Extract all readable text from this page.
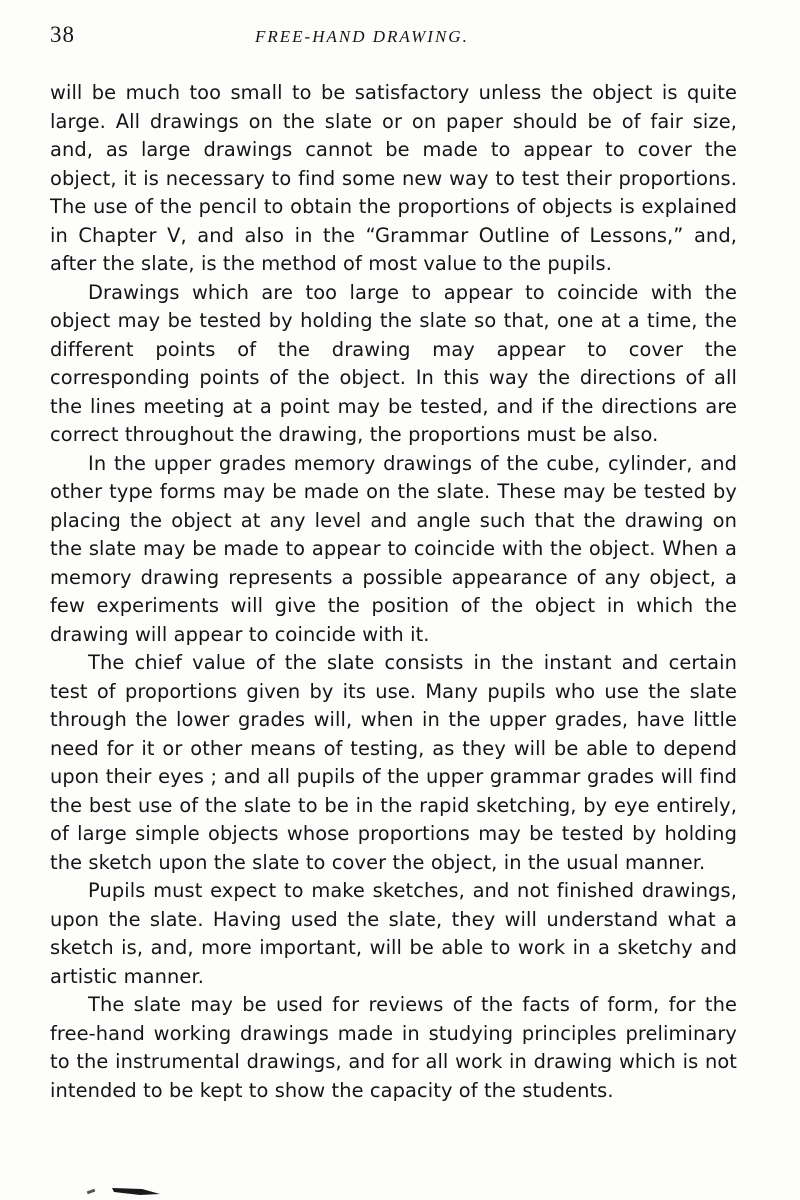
38	FREE-HAND DRAWING.

will be much too small to be satisfactory unless the object is quite large. All drawings on the slate or on paper should be of fair size, and, as large drawings cannot be made to appear to cover the object, it is necessary to find some new way to test their proportions. The use of the pencil to obtain the proportions of objects is explained in Chapter V, and also in the “Grammar Outline of Lessons,” and, after the slate, is the method of most value to the pupils.

Drawings which are too large to appear to coincide with the object may be tested by holding the slate so that, one at a time, the different points of the drawing may appear to cover the corresponding points of the object. In this way the directions of all the lines meeting at a point may be tested, and if the directions are correct throughout the drawing, the proportions must be also.

In the upper grades memory drawings of the cube, cylinder, and other type forms may be made on the slate. These may be tested by placing the object at any level and angle such that the drawing on the slate may be made to appear to coincide with the object. When a memory drawing represents a possible appearance of any object, a few experiments will give the position of the object in which the drawing will appear to coincide with it.

The chief value of the slate consists in the instant and certain test of proportions given by its use. Many pupils who use the slate through the lower grades will, when in the upper grades, have little need for it or other means of testing, as they will be able to depend upon their eyes ; and all pupils of the upper grammar grades will find the best use of the slate to be in the rapid sketching, by eye entirely, of large simple objects whose proportions may be tested by holding the sketch upon the slate to cover the object, in the usual manner.

Pupils must expect to make sketches, and not finished drawings, upon the slate. Having used the slate, they will understand what a sketch is, and, more important, will be able to work in a sketchy and artistic manner.

The slate may be used for reviews of the facts of form, for the free-hand working drawings made in studying principles preliminary to the instrumental drawings, and for all work in drawing which is not intended to be kept to show the capacity of the students.
